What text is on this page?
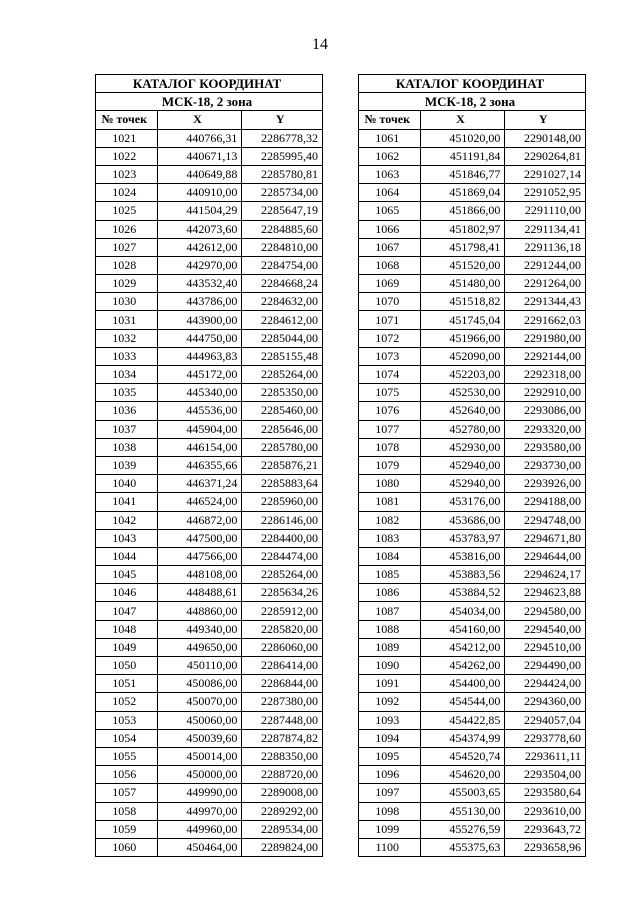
14
КАТАЛОГ КООРДИНАТ		
МСК-18, 2 зона		
№ точек	X	Y
1021	440766,31	2286778,32
1022	440671,13	2285995,40
1023	440649,88	2285780,81
1024	440910,00	2285734,00
1025	441504,29	2285647,19
1026	442073,60	2284885,60
1027	442612,00	2284810,00
1028	442970,00	2284754,00
1029	443532,40	2284668,24
1030	443786,00	2284632,00
1031	443900,00	2284612,00
1032	444750,00	2285044,00
1033	444963,83	2285155,48
1034	445172,00	2285264,00
1035	445340,00	2285350,00
1036	445536,00	2285460,00
1037	445904,00	2285646,00
1038	446154,00	2285780,00
1039	446355,66	2285876,21
1040	446371,24	2285883,64
1041	446524,00	2285960,00
1042	446872,00	2286146,00
1043	447500,00	2284400,00
1044	447566,00	2284474,00
1045	448108,00	2285264,00
1046	448488,61	2285634,26
1047	448860,00	2285912,00
1048	449340,00	2285820,00
1049	449650,00	2286060,00
1050	450110,00	2286414,00
1051	450086,00	2286844,00
1052	450070,00	2287380,00
1053	450060,00	2287448,00
1054	450039,60	2287874,82
1055	450014,00	2288350,00
1056	450000,00	2288720,00
1057	449990,00	2289008,00
1058	449970,00	2289292,00
1059	449960,00	2289534,00
1060	450464,00	2289824,00
КАТАЛОГ КООРДИНАТ		
МСК-18, 2 зона		
№ точек	X	Y
1061	451020,00	2290148,00
1062	451191,84	2290264,81
1063	451846,77	2291027,14
1064	451869,04	2291052,95
1065	451866,00	2291110,00
1066	451802,97	2291134,41
1067	451798,41	2291136,18
1068	451520,00	2291244,00
1069	451480,00	2291264,00
1070	451518,82	2291344,43
1071	451745,04	2291662,03
1072	451966,00	2291980,00
1073	452090,00	2292144,00
1074	452203,00	2292318,00
1075	452530,00	2292910,00
1076	452640,00	2293086,00
1077	452780,00	2293320,00
1078	452930,00	2293580,00
1079	452940,00	2293730,00
1080	452940,00	2293926,00
1081	453176,00	2294188,00
1082	453686,00	2294748,00
1083	453783,97	2294671,80
1084	453816,00	2294644,00
1085	453883,56	2294624,17
1086	453884,52	2294623,88
1087	454034,00	2294580,00
1088	454160,00	2294540,00
1089	454212,00	2294510,00
1090	454262,00	2294490,00
1091	454400,00	2294424,00
1092	454544,00	2294360,00
1093	454422,85	2294057,04
1094	454374,99	2293778,60
1095	454520,74	2293611,11
1096	454620,00	2293504,00
1097	455003,65	2293580,64
1098	455130,00	2293610,00
1099	455276,59	2293643,72
1100	455375,63	2293658,96
